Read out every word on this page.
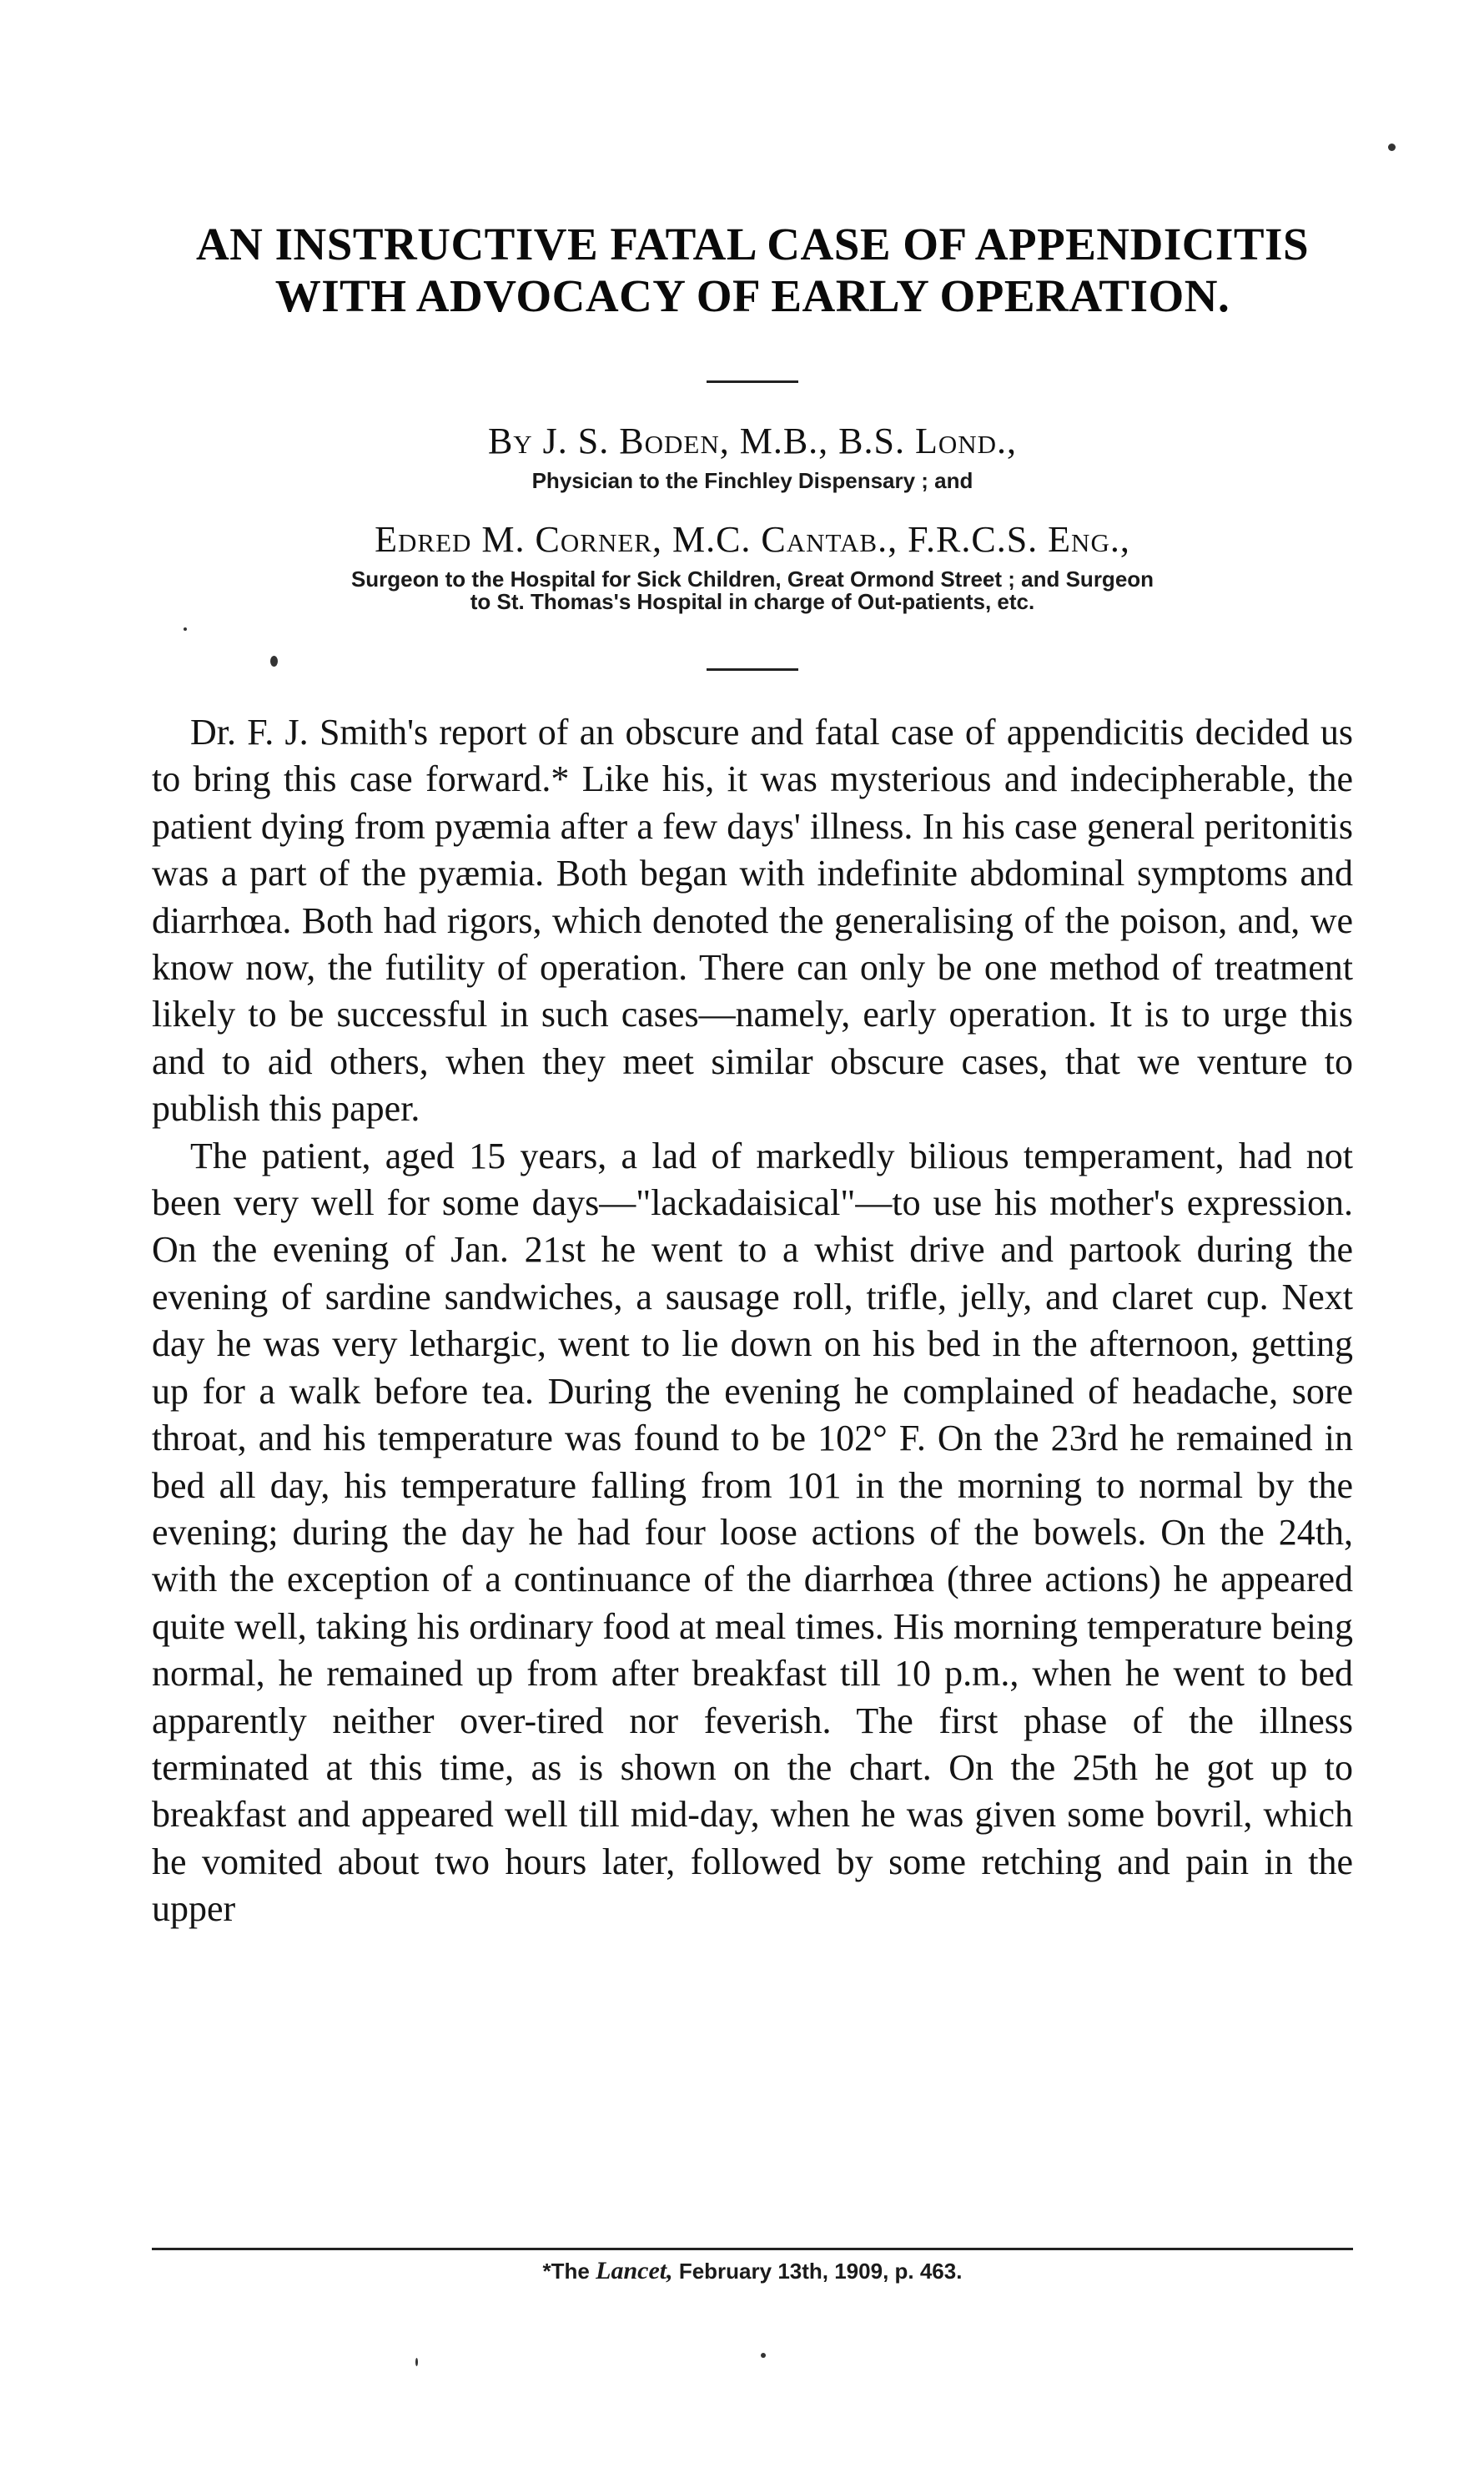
AN INSTRUCTIVE FATAL CASE OF APPENDICITIS
WITH ADVOCACY OF EARLY OPERATION.
By J. S. Boden, M.B., B.S. Lond.,
Physician to the Finchley Dispensary ; and
Edred M. Corner, M.C. Cantab., F.R.C.S. Eng.,
Surgeon to the Hospital for Sick Children, Great Ormond Street ; and Surgeon
to St. Thomas's Hospital in charge of Out-patients, etc.

Dr. F. J. Smith's report of an obscure and fatal case of appendicitis decided us to bring this case forward.* Like his, it was mysterious and indecipherable, the patient dying from pyæmia after a few days' illness. In his case general peritonitis was a part of the pyæmia. Both began with indefinite abdominal symptoms and diarrhœa. Both had rigors, which denoted the generalising of the poison, and, we know now, the futility of operation. There can only be one method of treatment likely to be successful in such cases—namely, early operation. It is to urge this and to aid others, when they meet similar obscure cases, that we venture to publish this paper.

The patient, aged 15 years, a lad of markedly bilious temperament, had not been very well for some days—"lackadaisical"—to use his mother's expression. On the evening of Jan. 21st he went to a whist drive and partook during the evening of sardine sandwiches, a sausage roll, trifle, jelly, and claret cup. Next day he was very lethargic, went to lie down on his bed in the afternoon, getting up for a walk before tea. During the evening he complained of headache, sore throat, and his temperature was found to be 102° F. On the 23rd he remained in bed all day, his temperature falling from 101 in the morning to normal by the evening; during the day he had four loose actions of the bowels. On the 24th, with the exception of a continuance of the diarrhœa (three actions) he appeared quite well, taking his ordinary food at meal times. His morning temperature being normal, he remained up from after breakfast till 10 p.m., when he went to bed apparently neither over-tired nor feverish. The first phase of the illness terminated at this time, as is shown on the chart. On the 25th he got up to breakfast and appeared well till mid-day, when he was given some bovril, which he vomited about two hours later, followed by some retching and pain in the upper

*The Lancet, February 13th, 1909, p. 463.
